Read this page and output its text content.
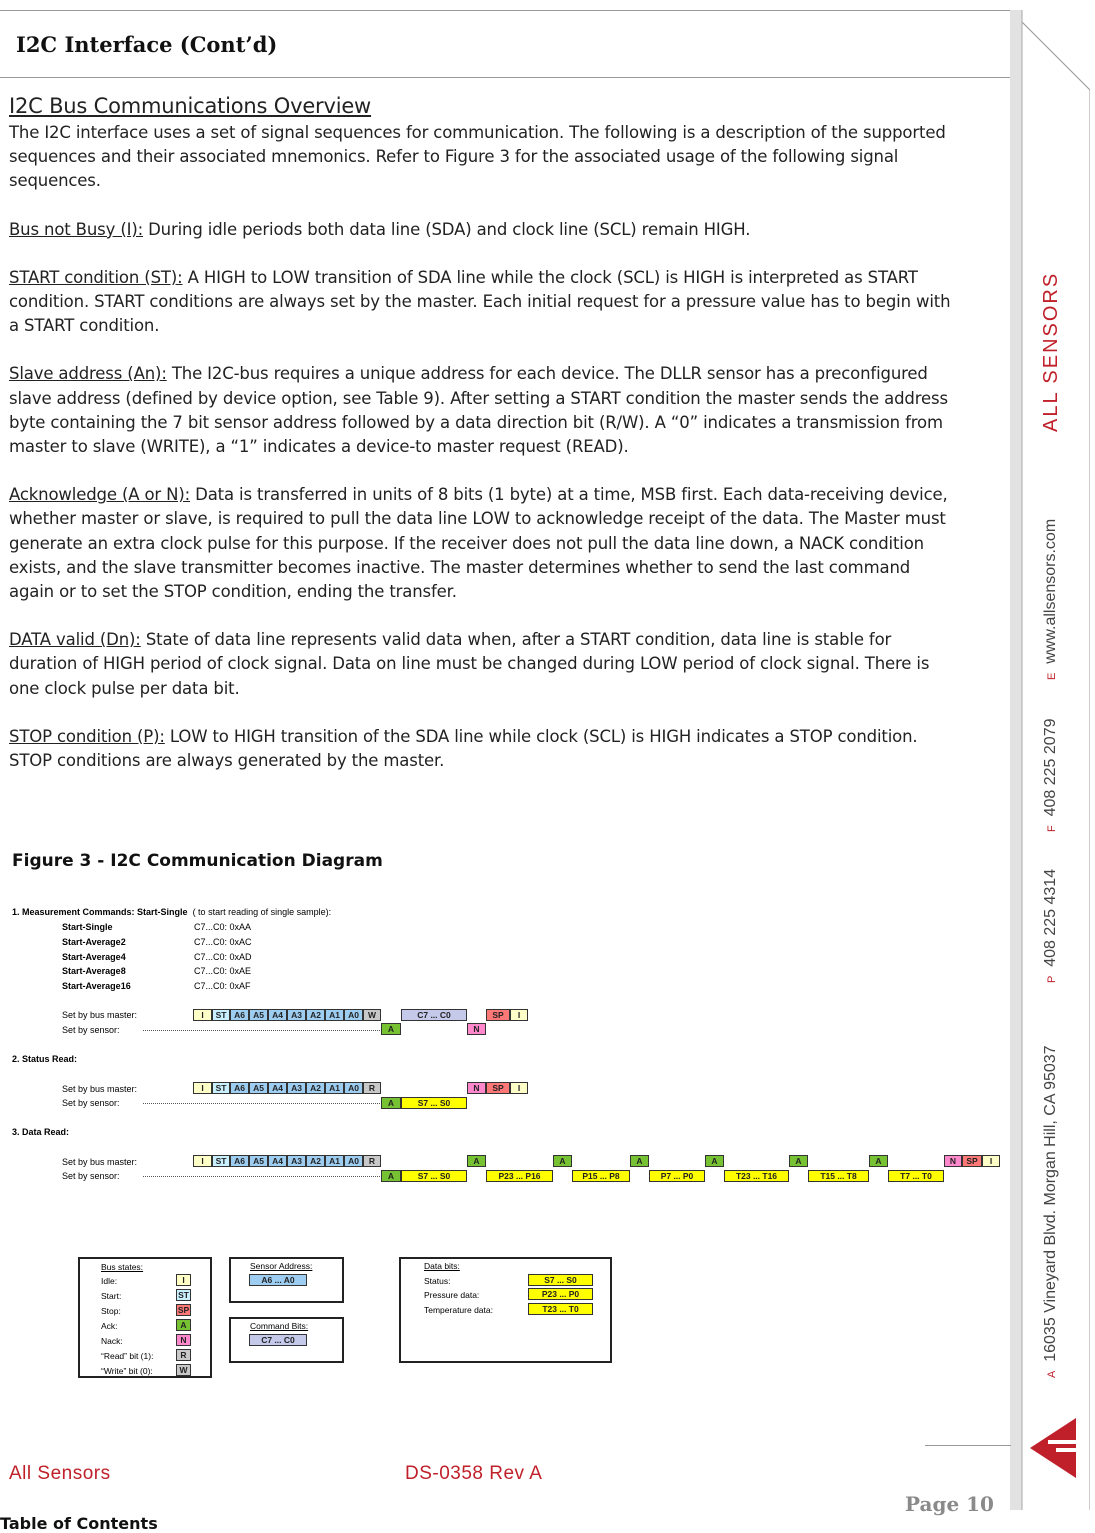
I2C Interface (Cont’d)
ALL SENSORS
E  www.allsensors.com
F  408 225 2079
P  408 225 4314
A  16035 Vineyard Blvd. Morgan Hill, CA 95037
I2C Bus Communications Overview

The I2C interface uses a set of signal sequences for communication. The following is a description of the supported sequences and their associated mnemonics. Refer to Figure 3 for the associated usage of the following signal sequences.

Bus not Busy (I): During idle periods both data line (SDA) and clock line (SCL) remain HIGH.

START condition (ST): A HIGH to LOW transition of SDA line while the clock (SCL) is HIGH is interpreted as START condition. START conditions are always set by the master. Each initial request for a pressure value has to begin with a START condition.

Slave address (An): The I2C-bus requires a unique address for each device. The DLLR sensor has a preconfigured slave address (defined by device option, see Table 9). After setting a START condition the master sends the address byte containing the 7 bit sensor address followed by a data direction bit (R/W). A “0” indicates a transmission from master to slave (WRITE), a “1” indicates a device-to master request (READ).

Acknowledge (A or N): Data is transferred in units of 8 bits (1 byte) at a time, MSB first. Each data-receiving device, whether master or slave, is required to pull the data line LOW to acknowledge receipt of the data. The Master must generate an extra clock pulse for this purpose. If the receiver does not pull the data line down, a NACK condition exists, and the slave transmitter becomes inactive. The master determines whether to send the last command again or to set the STOP condition, ending the transfer.

DATA valid (Dn): State of data line represents valid data when, after a START condition, data line is stable for duration of HIGH period of clock signal. Data on line must be changed during LOW period of clock signal. There is one clock pulse per data bit.

STOP condition (P): LOW to HIGH transition of the SDA line while clock (SCL) is HIGH indicates a STOP condition. STOP conditions are always generated by the master.

Figure 3 - I2C Communication Diagram
1. Measurement Commands: Start-Single ( to start reading of single sample):
Start-Single	C7...C0: 0xAA
Start-Average2	C7...C0: 0xAC
Start-Average4	C7...C0: 0xAD
Start-Average8	C7...C0: 0xAE
Start-Average16	C7...C0: 0xAF
Set by bus master:
Set by sensor:
I	ST A6 A5 A4 A3 A2 A1 A0	W
A
C7 ... C0
N
SP	I
2. Status Read:
Set by bus master:
Set by sensor:
I	ST A6 A5 A4 A3 A2 A1 A0	R
A	S7 ... S0
N	SP	I
3. Data Read:
Set by bus master:
Set by sensor:
I	ST A6 A5 A4 A3 A2 A1 A0	R
A	S7 ... S0
A
P23 ... P16
A
P15 ... P8
A
P7 ... P0
A
T23 ... T16
A
T15 ... T8
A
T7 ... T0
N	SP	I
Bus states:
Idle:	I
Start:	ST
Stop:	SP
Ack:	A
Nack:	N
“Read” bit (1):	R
“Write” bit (0):	W
Sensor Address:
A6 ... A0
Command Bits:
C7 ... C0
Data bits:
Status:	S7 ... S0
Pressure data:	P23 ... P0
Temperature data:	T23 ... T0
All Sensors	DS-0358 Rev A
Page 10
Table of Contents
